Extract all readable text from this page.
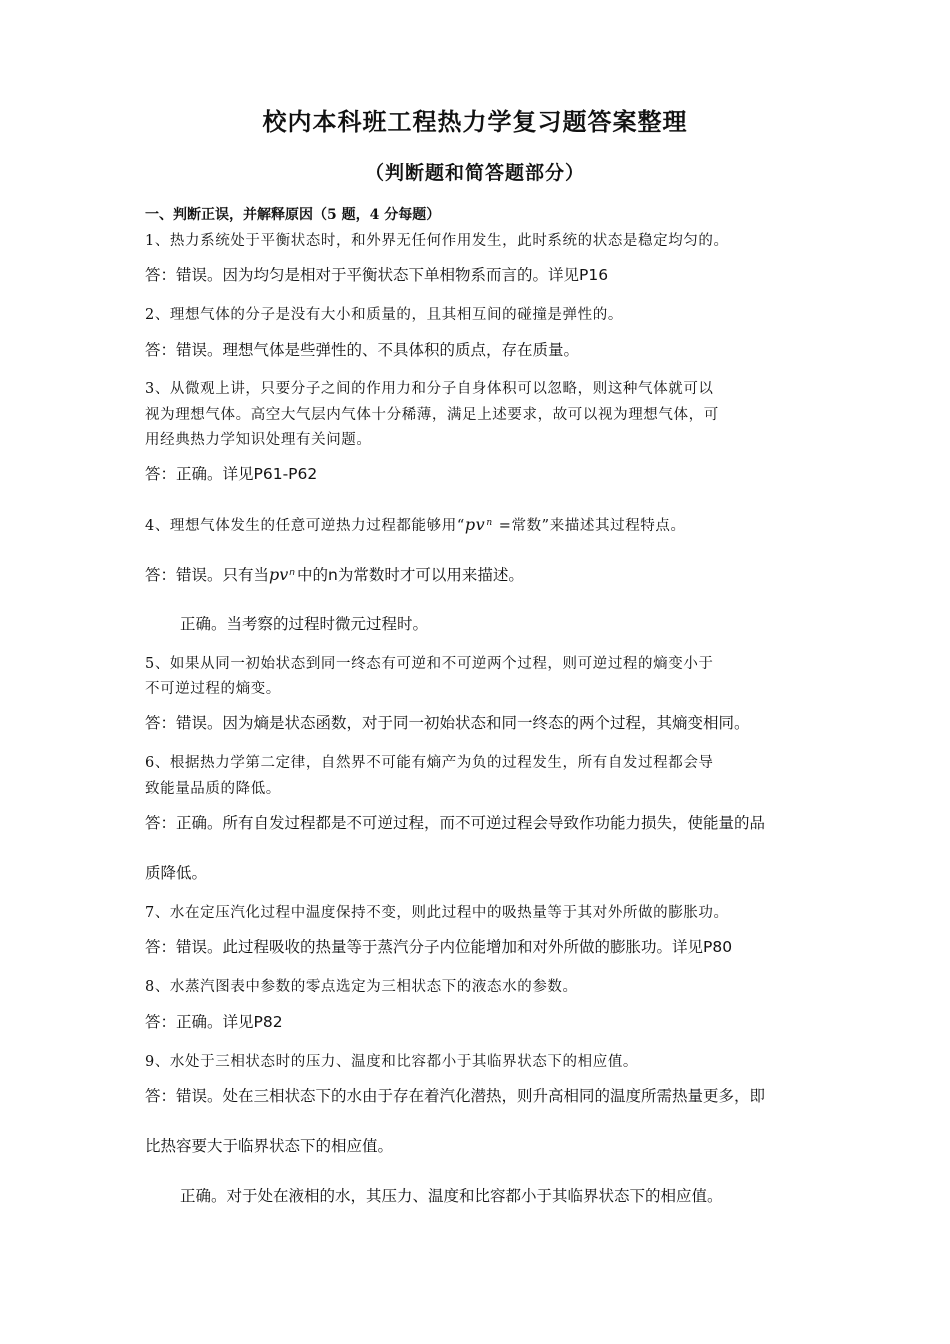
校内本科班工程热力学复习题答案整理
（判断题和简答题部分）
一、判断正误，并解释原因（5 题，4 分每题）
1、热力系统处于平衡状态时，和外界无任何作用发生，此时系统的状态是稳定均匀的。
答：错误。因为均匀是相对于平衡状态下单相物系而言的。详见P16
2、理想气体的分子是没有大小和质量的，且其相互间的碰撞是弹性的。
答：错误。理想气体是些弹性的、不具体积的质点，存在质量。
3、从微观上讲，只要分子之间的作用力和分子自身体积可以忽略，则这种气体就可以
视为理想气体。高空大气层内气体十分稀薄，满足上述要求，故可以视为理想气体，可
用经典热力学知识处理有关问题。
答：正确。详见P61-P62
4、理想气体发生的任意可逆热力过程都能够用“$pv^n$ =常数”来描述其过程特点。
答：错误。只有当$pv^n$ 中的n为常数时才可以用来描述。
正确。当考察的过程时微元过程时。
5、如果从同一初始状态到同一终态有可逆和不可逆两个过程，则可逆过程的熵变小于
不可逆过程的熵变。
答：错误。因为熵是状态函数，对于同一初始状态和同一终态的两个过程，其熵变相同。
6、根据热力学第二定律，自然界不可能有熵产为负的过程发生，所有自发过程都会导
致能量品质的降低。
答：正确。所有自发过程都是不可逆过程，而不可逆过程会导致作功能力损失，使能量的品
质降低。
7、水在定压汽化过程中温度保持不变，则此过程中的吸热量等于其对外所做的膨胀功。
答：错误。此过程吸收的热量等于蒸汽分子内位能增加和对外所做的膨胀功。详见P80
8、水蒸汽图表中参数的零点选定为三相状态下的液态水的参数。
答：正确。详见P82
9、水处于三相状态时的压力、温度和比容都小于其临界状态下的相应值。
答：错误。处在三相状态下的水由于存在着汽化潜热，则升高相同的温度所需热量更多，即
比热容要大于临界状态下的相应值。
正确。对于处在液相的水，其压力、温度和比容都小于其临界状态下的相应值。
